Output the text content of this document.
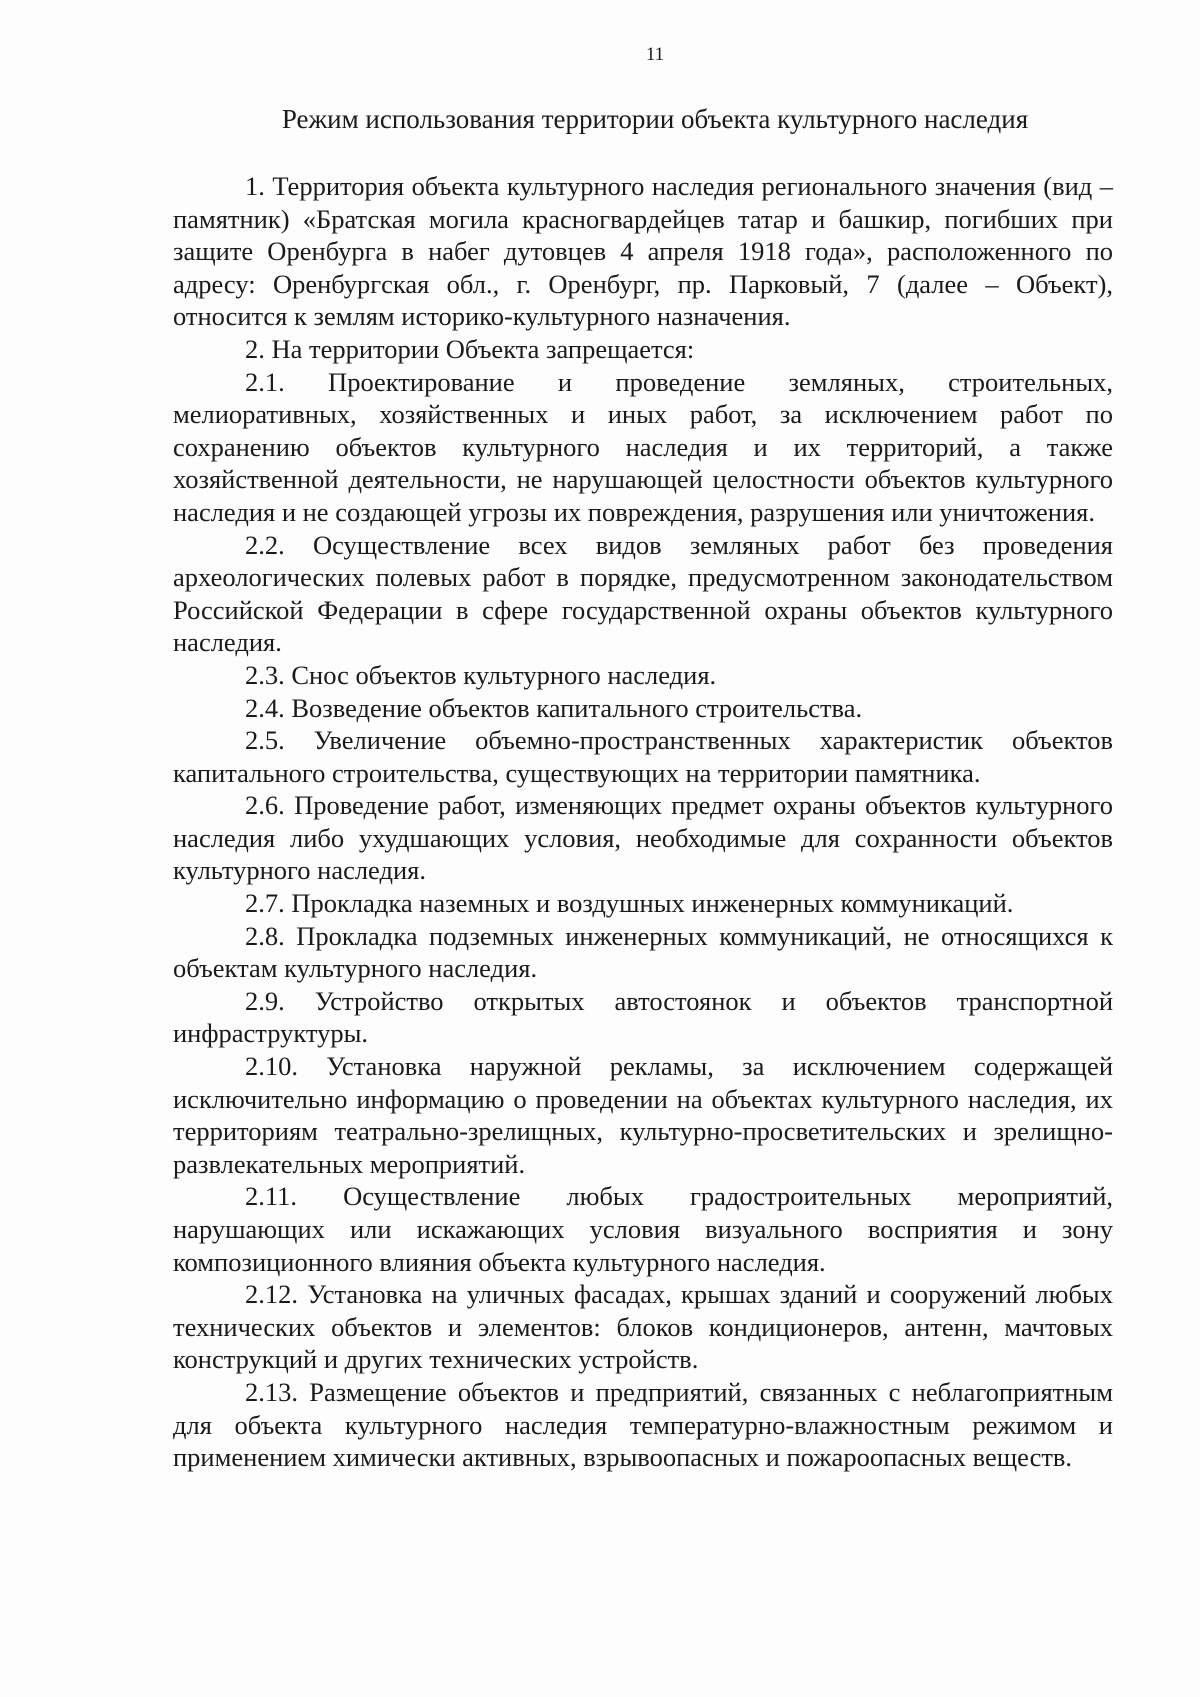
11
Режим использования территории объекта культурного наследия

1. Территория объекта культурного наследия регионального значения (вид – памятник) «Братская могила красногвардейцев татар и башкир, погибших при защите Оренбурга в набег дутовцев 4 апреля 1918 года», расположенного по адресу: Оренбургская обл., г. Оренбург, пр. Парковый, 7 (далее – Объект), относится к землям историко-культурного назначения.

2. На территории Объекта запрещается:

2.1. Проектирование и проведение земляных, строительных, мелиоративных, хозяйственных и иных работ, за исключением работ по сохранению объектов культурного наследия и их территорий, а также хозяйственной деятельности, не нарушающей целостности объектов культурного наследия и не создающей угрозы их повреждения, разрушения или уничтожения.

2.2. Осуществление всех видов земляных работ без проведения археологических полевых работ в порядке, предусмотренном законодательством Российской Федерации в сфере государственной охраны объектов культурного наследия.

2.3. Снос объектов культурного наследия.

2.4. Возведение объектов капитального строительства.

2.5. Увеличение объемно-пространственных характеристик объектов капитального строительства, существующих на территории памятника.

2.6. Проведение работ, изменяющих предмет охраны объектов культурного наследия либо ухудшающих условия, необходимые для сохранности объектов культурного наследия.

2.7. Прокладка наземных и воздушных инженерных коммуникаций.

2.8. Прокладка подземных инженерных коммуникаций, не относящихся к объектам культурного наследия.

2.9. Устройство открытых автостоянок и объектов транспортной инфраструктуры.

2.10. Установка наружной рекламы, за исключением содержащей исключительно информацию о проведении на объектах культурного наследия, их территориям театрально-зрелищных, культурно-просветительских и зрелищно-развлекательных мероприятий.

2.11. Осуществление любых градостроительных мероприятий, нарушающих или искажающих условия визуального восприятия и зону композиционного влияния объекта культурного наследия.

2.12. Установка на уличных фасадах, крышах зданий и сооружений любых технических объектов и элементов: блоков кондиционеров, антенн, мачтовых конструкций и других технических устройств.

2.13. Размещение объектов и предприятий, связанных с неблагоприятным для объекта культурного наследия температурно-влажностным режимом и применением химически активных, взрывоопасных и пожароопасных веществ.
